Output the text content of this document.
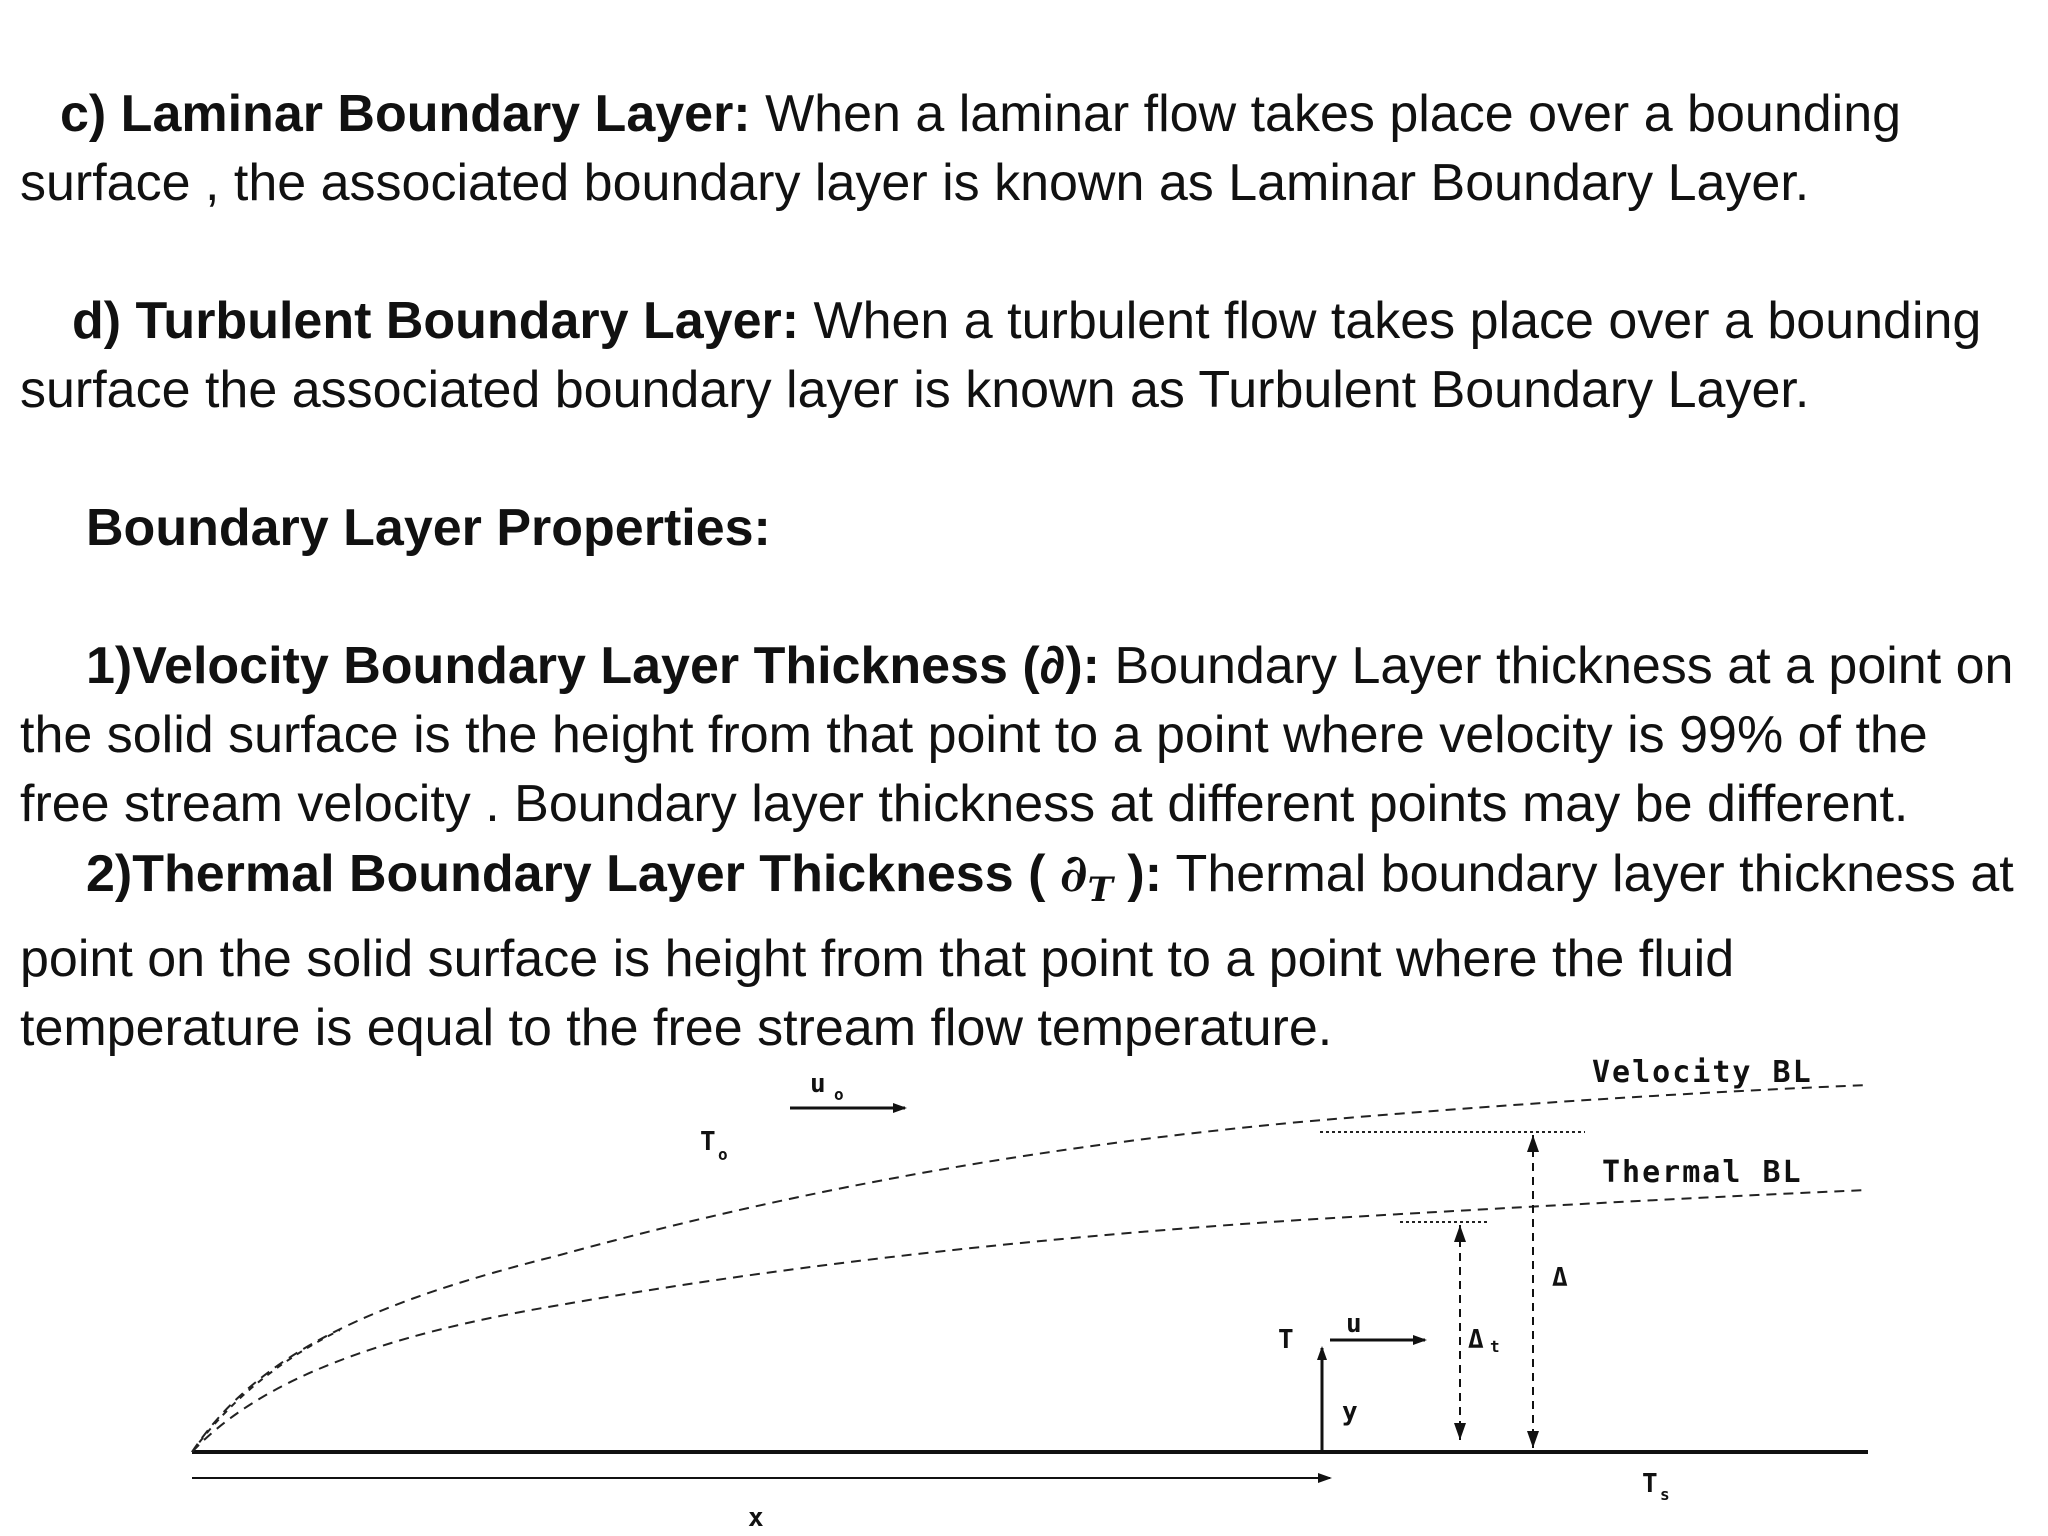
c) Laminar Boundary Layer: When a laminar flow takes place over a bounding

surface , the associated boundary layer is known as Laminar Boundary Layer.

d) Turbulent Boundary Layer: When a turbulent flow takes place over a bounding

surface the associated boundary layer is known as Turbulent Boundary Layer.

Boundary Layer Properties:

1)Velocity Boundary Layer Thickness (∂): Boundary Layer thickness at a point on

the solid surface is the height from that point to a point where velocity is 99% of the

free stream velocity . Boundary layer thickness at different points may be different.

2)Thermal Boundary Layer Thickness ( $\partial_T$ ): Thermal boundary layer thickness at

point on the solid surface is height from that point to a point where the fluid

temperature is equal to the free stream flow temperature.

Velocity BL
Thermal BL
u o
T o
T
u
y
x
Δ
Δ t
T s
